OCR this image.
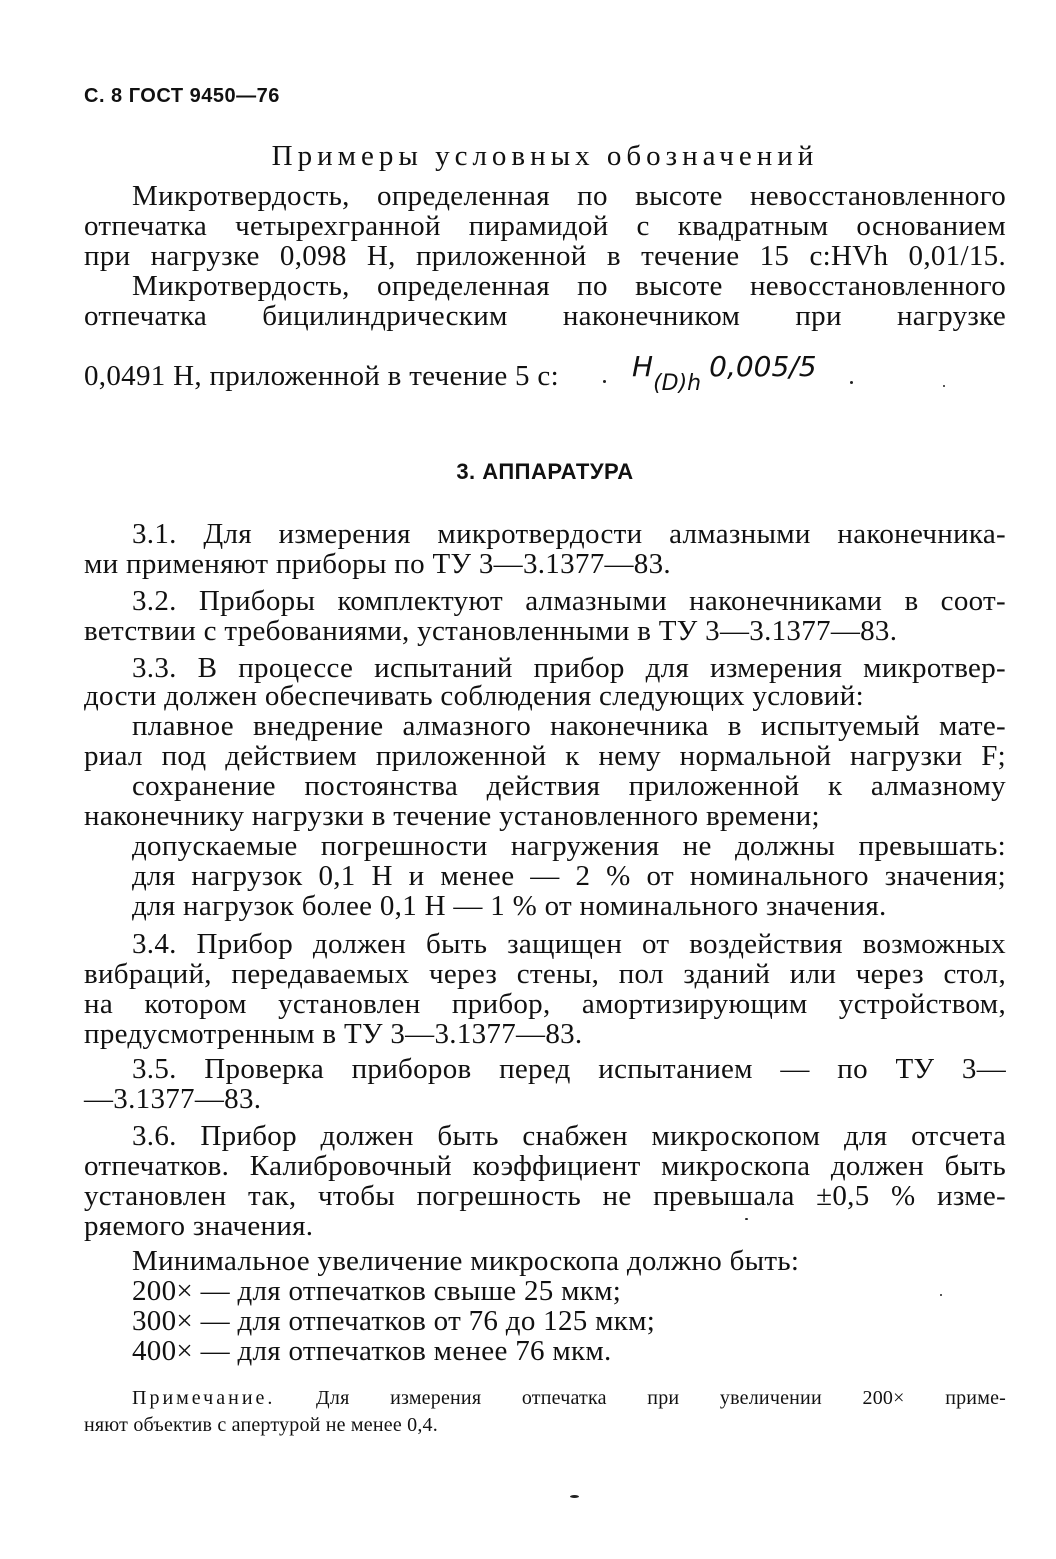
С. 8 ГОСТ 9450—76
Примеры условных обозначений
Микротвердость, определенная по высоте невосстановленного
отпечатка четырехгранной пирамидой с квадратным основанием
при нагрузке 0,098 Н, приложенной в течение 15 с:HVh 0,01/15.
Микротвердость, определенная по высоте невосстановленного
отпечатка бицилиндрическим наконечником при нагрузке
0,0491 Н, приложенной в течение 5 с:	H(D)h0,005/5
3. АППАРАТУРА
3.1. Для измерения микротвердости алмазными наконечника-
ми применяют приборы по ТУ 3—3.1377—83.
3.2. Приборы комплектуют алмазными наконечниками в соот-
ветствии с требованиями, установленными в ТУ 3—3.1377—83.
3.3. В процессе испытаний прибор для измерения микротвер-
дости должен обеспечивать соблюдения следующих условий:
плавное внедрение алмазного наконечника в испытуемый мате-
риал под действием приложенной к нему нормальной нагрузки F;
сохранение постоянства действия приложенной к алмазному
наконечнику нагрузки в течение установленного времени;
допускаемые погрешности нагружения не должны превышать:
для нагрузок 0,1 Н и менее — 2 % от номинального значения;
для нагрузок более 0,1 Н — 1 % от номинального значения.
3.4. Прибор должен быть защищен от воздействия возможных
вибраций, передаваемых через стены, пол зданий или через стол,
на котором установлен прибор, амортизирующим устройством,
предусмотренным в ТУ 3—3.1377—83.
3.5. Проверка приборов перед испытанием — по ТУ 3—
—3.1377—83.
3.6. Прибор должен быть снабжен микроскопом для отсчета
отпечатков. Калибровочный коэффициент микроскопа должен быть
установлен так, чтобы погрешность не превышала ±0,5 % изме-
ряемого значения.
Минимальное увеличение микроскопа должно быть:
200× — для отпечатков свыше 25 мкм;
300× — для отпечатков от 76 до 125 мкм;
400× — для отпечатков менее 76 мкм.
Примечание. Для измерения отпечатка при увеличении 200× приме-
няют объектив с апертурой не менее 0,4.
